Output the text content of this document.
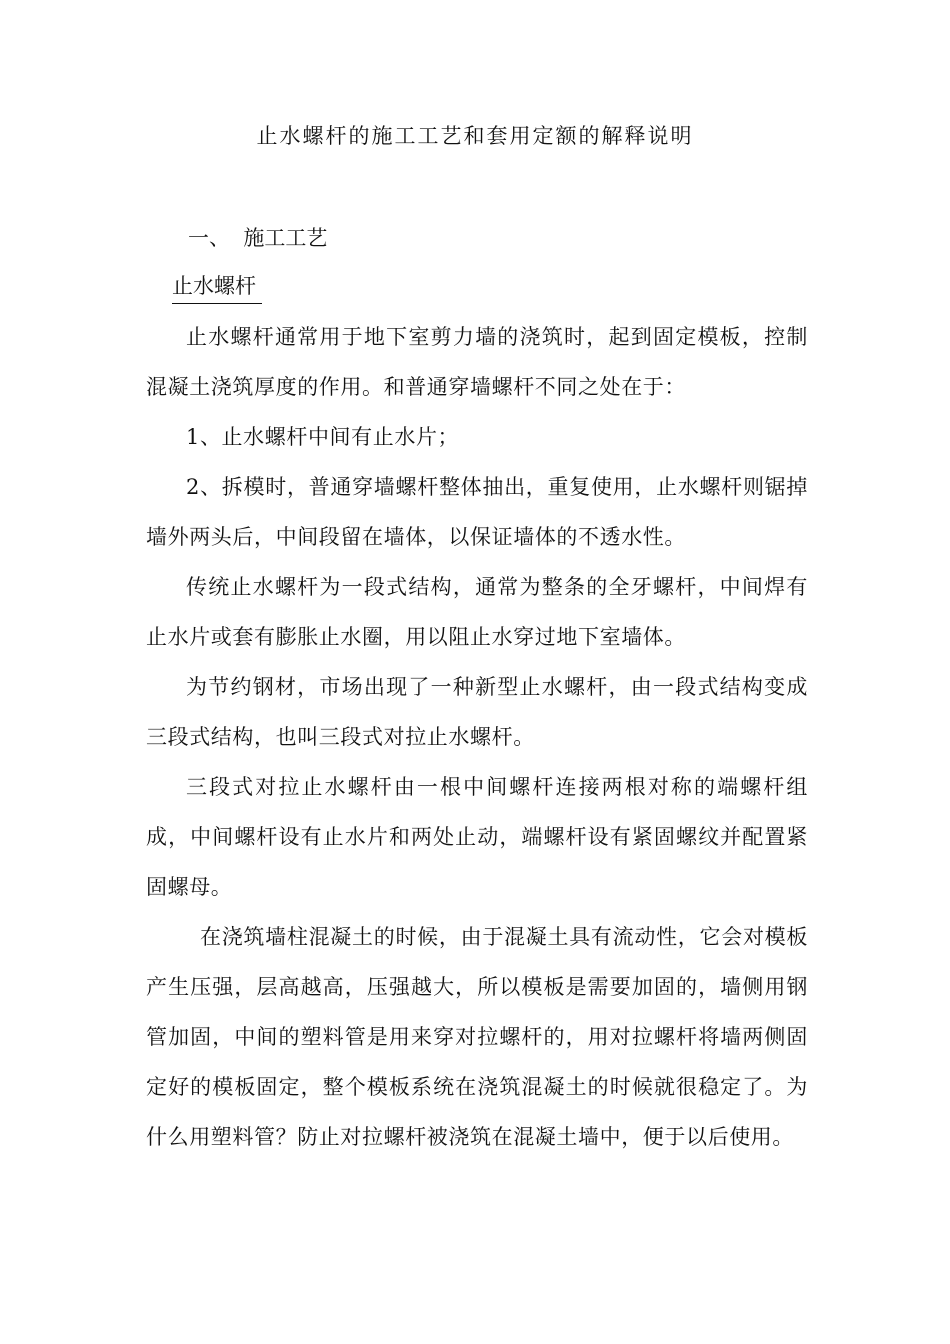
止水螺杆的施工工艺和套用定额的解释说明
一、  施工工艺
止水螺杆

止水螺杆通常用于地下室剪力墙的浇筑时，起到固定模板，控制混凝土浇筑厚度的作用。和普通穿墙螺杆不同之处在于：

1、止水螺杆中间有止水片；

2、拆模时，普通穿墙螺杆整体抽出，重复使用，止水螺杆则锯掉墙外两头后，中间段留在墙体，以保证墙体的不透水性。

传统止水螺杆为一段式结构，通常为整条的全牙螺杆，中间焊有止水片或套有膨胀止水圈，用以阻止水穿过地下室墙体。

为节约钢材，市场出现了一种新型止水螺杆，由一段式结构变成三段式结构，也叫三段式对拉止水螺杆。

三段式对拉止水螺杆由一根中间螺杆连接两根对称的端螺杆组成，中间螺杆设有止水片和两处止动，端螺杆设有紧固螺纹并配置紧固螺母。

在浇筑墙柱混凝土的时候，由于混凝土具有流动性，它会对模板产生压强，层高越高，压强越大，所以模板是需要加固的，墙侧用钢管加固，中间的塑料管是用来穿对拉螺杆的，用对拉螺杆将墙两侧固定好的模板固定，整个模板系统在浇筑混凝土的时候就很稳定了。为什么用塑料管？防止对拉螺杆被浇筑在混凝土墙中，便于以后使用。
